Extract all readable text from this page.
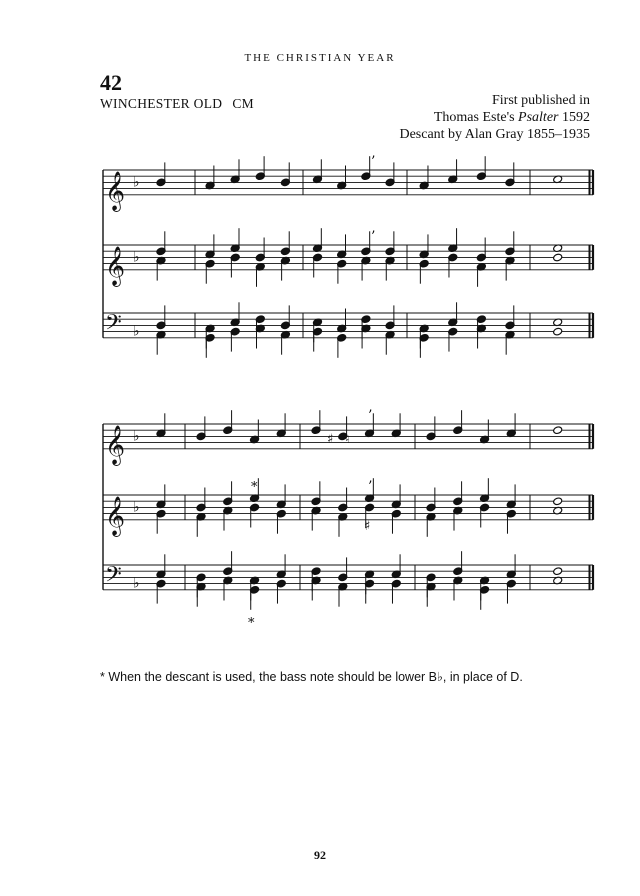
THE CHRISTIAN YEAR
42
WINCHESTER OLD CM	First published in
Thomas Este's Psalter 1592
Descant by Alan Gray 1855–1935
𝄞 ♭
𝄞 ♭
𝄢 ♭
’
’
𝄞 ♭
𝄞 ♭
𝄢 ♭
’
’
♯ ♮
♯
*
*
* When the descant is used, the bass note should be lower B♭, in place of D.
92
